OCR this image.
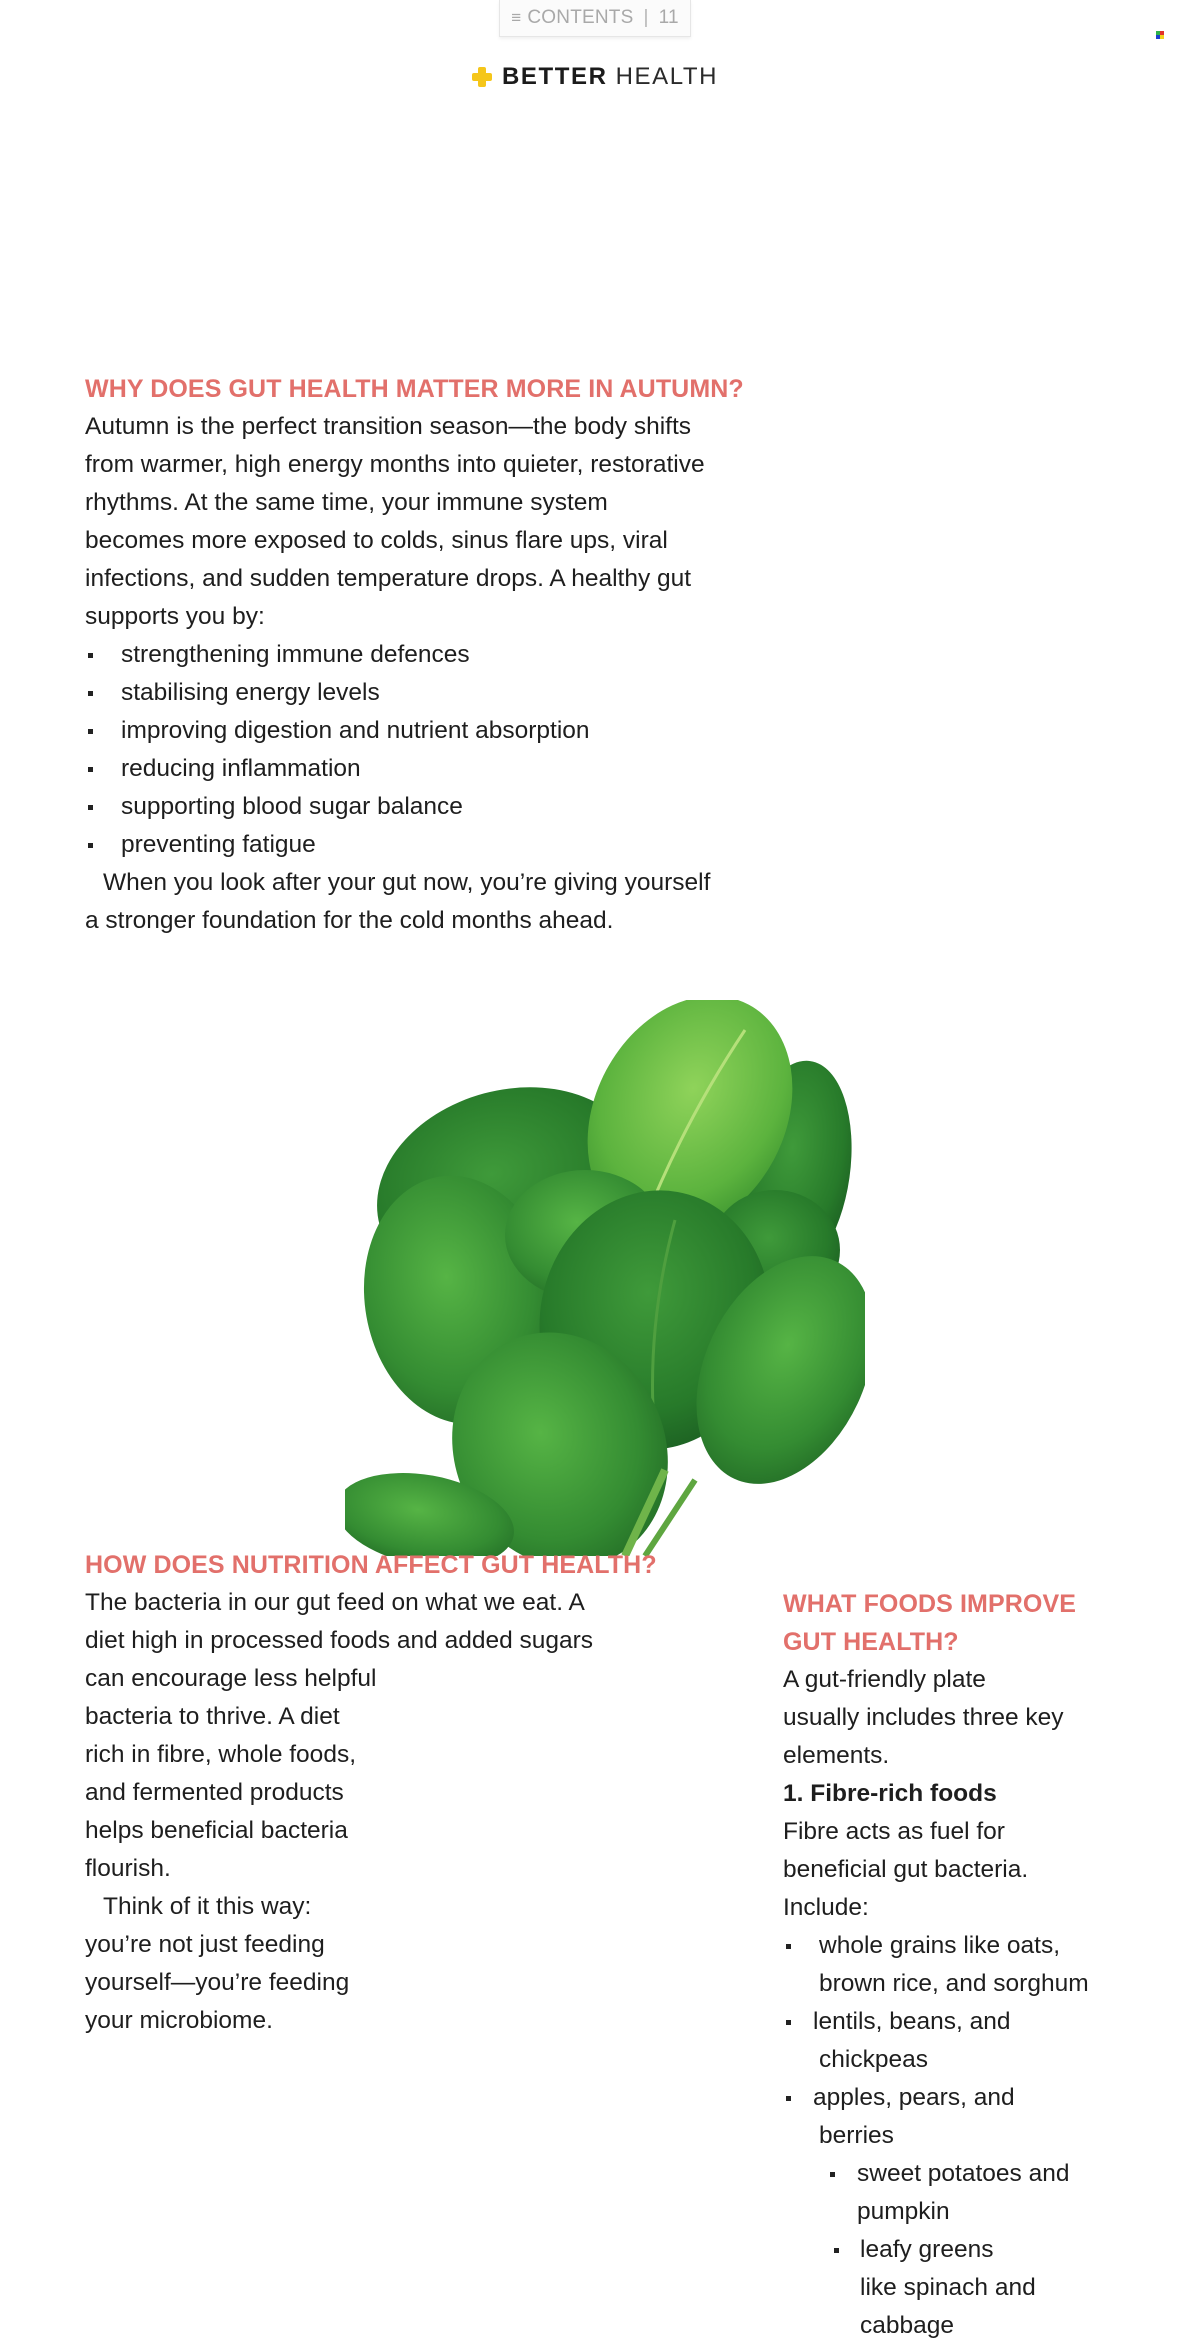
≡ CONTENTS | 11
BETTER HEALTH
WHY DOES GUT HEALTH MATTER MORE IN AUTUMN?

Autumn is the perfect transition season—the body shifts

from warmer, high energy months into quieter, restorative

rhythms. At the same time, your immune system

becomes more exposed to colds, sinus flare ups, viral

infections, and sudden temperature drops. A healthy gut

supports you by:

strengthening immune defences
stabilising energy levels
improving digestion and nutrient absorption
reducing inflammation
supporting blood sugar balance
preventing fatigue

When you look after your gut now, you’re giving yourself

a stronger foundation for the cold months ahead.

HOW DOES NUTRITION AFFECT GUT HEALTH?

The bacteria in our gut feed on what we eat. A

diet high in processed foods and added sugars

can encourage less helpful

bacteria to thrive. A diet

rich in fibre, whole foods,

and fermented products

helps beneficial bacteria

flourish.

Think of it this way:

you’re not just feeding

yourself—you’re feeding

your microbiome.

WHAT FOODS IMPROVE
GUT HEALTH?

A gut-friendly plate

usually includes three key

elements.

1. Fibre-rich foods

Fibre acts as fuel for

beneficial gut bacteria.

Include:

whole grains like oats,
brown rice, and sorghum
lentils, beans, and
chickpeas
apples, pears, and
berries
sweet potatoes and
pumpkin
leafy greens
like spinach and
cabbage
